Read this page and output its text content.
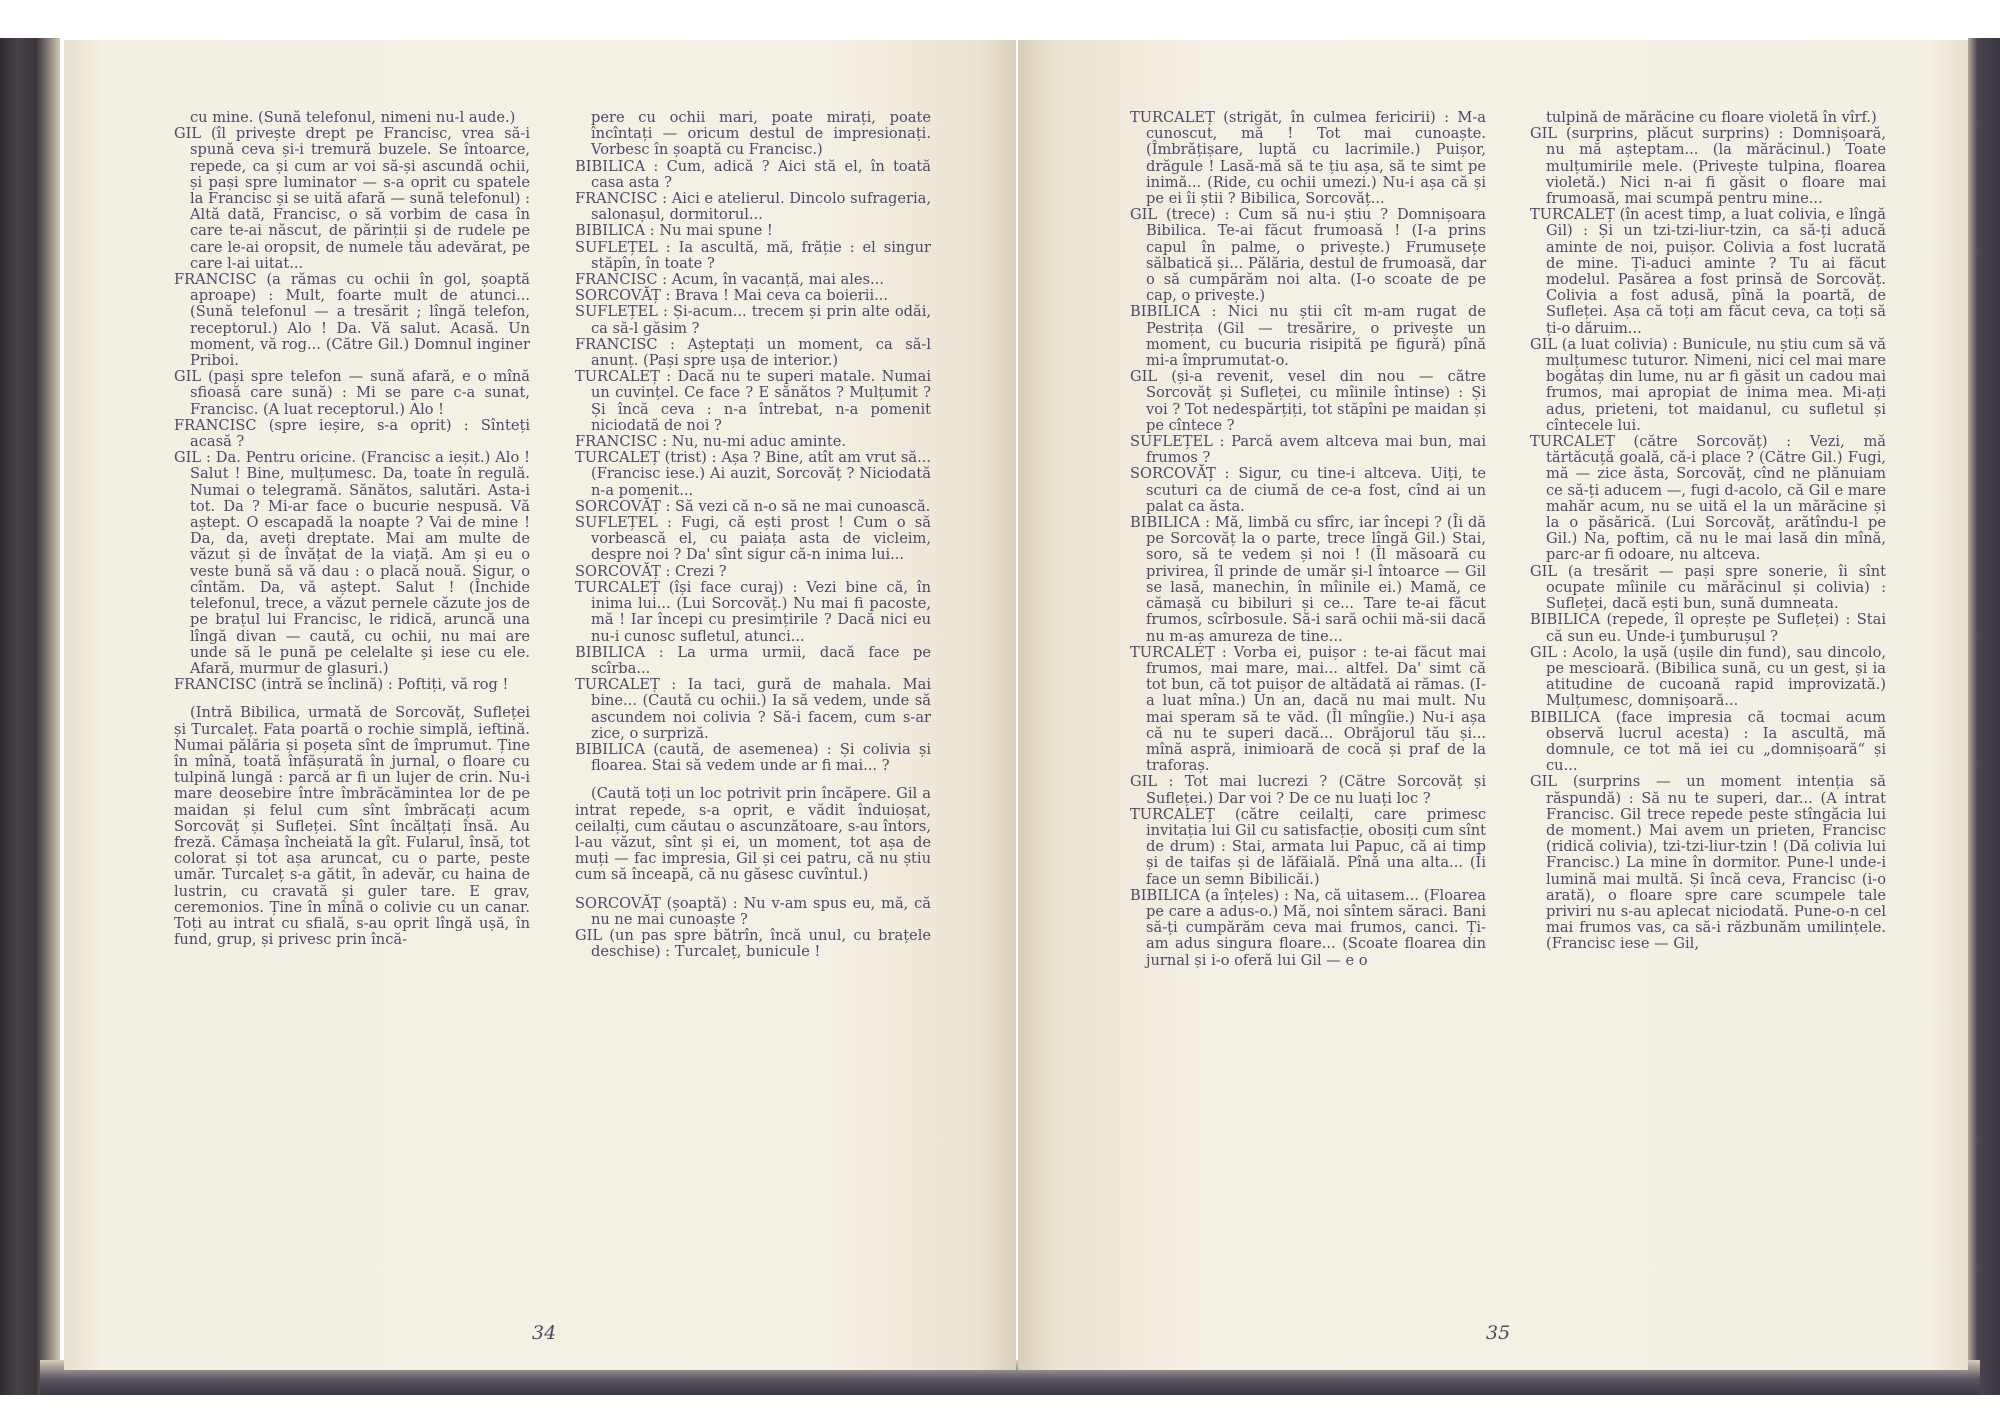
cu mine. (Sună telefonul, nimeni nu-l aude.)

GIL (îl privește drept pe Francisc, vrea să-i spună ceva și-i tremură buzele. Se întoarce, repede, ca și cum ar voi să-și ascundă ochii, și pași spre luminator — s-a oprit cu spatele la Francisc și se uită afară — sună telefonul) : Altă dată, Francisc, o să vorbim de casa în care te-ai născut, de părinții și de rudele pe care le-ai oropsit, de numele tău adevărat, pe care l-ai uitat...

FRANCISC (a rămas cu ochii în gol, șoaptă aproape) : Mult, foarte mult de atunci... (Sună telefonul — a tresărit ; lîngă telefon, receptorul.) Alo ! Da. Vă salut. Acasă. Un moment, vă rog... (Către Gil.) Domnul inginer Priboi.

GIL (pași spre telefon — sună afară, e o mînă sfioasă care sună) : Mi se pare c-a sunat, Francisc. (A luat receptorul.) Alo !

FRANCISC (spre ieșire, s-a oprit) : Sînteți acasă ?

GIL : Da. Pentru oricine. (Francisc a ieșit.) Alo ! Salut ! Bine, mulțumesc. Da, toate în regulă. Numai o telegramă. Sănătos, salutări. Asta-i tot. Da ? Mi-ar face o bucurie nespusă. Vă aștept. O escapadă la noapte ? Vai de mine ! Da, da, aveți dreptate. Mai am multe de văzut și de învățat de la viață. Am și eu o veste bună să vă dau : o placă nouă. Sigur, o cîntăm. Da, vă aștept. Salut ! (Închide telefonul, trece, a văzut pernele căzute jos de pe brațul lui Francisc, le ridică, aruncă una lîngă divan — caută, cu ochii, nu mai are unde să le pună pe celelalte și iese cu ele. Afară, murmur de glasuri.)

FRANCISC (intră se înclină) : Poftiți, vă rog !

(Intră Bibilica, urmată de Sorcovăț, Sufleței și Turcaleț. Fata poartă o rochie simplă, ieftină. Numai pălăria și poșeta sînt de împrumut. Ține în mînă, toată înfășurată în jurnal, o floare cu tulpină lungă : parcă ar fi un lujer de crin. Nu-i mare deosebire între îmbrăcămintea lor de pe maidan și felul cum sînt îmbrăcați acum Sorcovăț și Sufleței. Sînt încălțați însă. Au freză. Cămașa încheiată la gît. Fularul, însă, tot colorat și tot așa aruncat, cu o parte, peste umăr. Turcaleț s-a gătit, în adevăr, cu haina de lustrin, cu cravată și guler tare. E grav, ceremonios. Ține în mînă o colivie cu un canar. Toți au intrat cu sfială, s-au oprit lîngă ușă, în fund, grup, și privesc prin încă-

pere cu ochii mari, poate mirați, poate încîntați — oricum destul de impresionați. Vorbesc în șoaptă cu Francisc.)

BIBILICA : Cum, adică ? Aici stă el, în toată casa asta ?

FRANCISC : Aici e atelierul. Dincolo sufrageria, salonașul, dormitorul...

BIBILICA : Nu mai spune !

SUFLEȚEL : Ia ascultă, mă, frăție : el singur stăpîn, în toate ?

FRANCISC : Acum, în vacanță, mai ales...

SORCOVĂȚ : Brava ! Mai ceva ca boierii...

SUFLEȚEL : Și-acum... trecem și prin alte odăi, ca să-l găsim ?

FRANCISC : Așteptați un moment, ca să-l anunț. (Pași spre ușa de interior.)

TURCALEȚ : Dacă nu te superi matale. Numai un cuvințel. Ce face ? E sănătos ? Mulțumit ? Și încă ceva : n-a întrebat, n-a pomenit niciodată de noi ?

FRANCISC : Nu, nu-mi aduc aminte.

TURCALEȚ (trist) : Așa ? Bine, atît am vrut să... (Francisc iese.) Ai auzit, Sorcovăț ? Niciodată n-a pomenit...

SORCOVĂȚ : Să vezi că n-o să ne mai cunoască.

SUFLEȚEL : Fugi, că ești prost ! Cum o să vorbească el, cu paiața asta de vicleim, despre noi ? Da' sînt sigur că-n inima lui...

SORCOVĂȚ : Crezi ?

TURCALEȚ (își face curaj) : Vezi bine că, în inima lui... (Lui Sorcovăț.) Nu mai fi pacoste, mă ! Iar începi cu presimțirile ? Dacă nici eu nu-i cunosc sufletul, atunci...

BIBILICA : La urma urmii, dacă face pe scîrba...

TURCALEȚ : Ia taci, gură de mahala. Mai bine... (Caută cu ochii.) Ia să vedem, unde să ascundem noi colivia ? Să-i facem, cum s-ar zice, o surpriză.

BIBILICA (caută, de asemenea) : Și colivia și floarea. Stai să vedem unde ar fi mai... ?

(Caută toți un loc potrivit prin încăpere. Gil a intrat repede, s-a oprit, e vădit înduioșat, ceilalți, cum căutau o ascunzătoare, s-au întors, l-au văzut, sînt și ei, un moment, tot așa de muți — fac impresia, Gil și cei patru, că nu știu cum să înceapă, că nu găsesc cuvîntul.)

SORCOVĂȚ (șoaptă) : Nu v-am spus eu, mă, că nu ne mai cunoaște ?

GIL (un pas spre bătrîn, încă unul, cu brațele deschise) : Turcaleț, bunicule !

34

TURCALEȚ (strigăt, în culmea fericirii) : M-a cunoscut, mă ! Tot mai cunoaște. (Îmbrățișare, luptă cu lacrimile.) Puișor, drăgule ! Lasă-mă să te țiu așa, să te simt pe inimă... (Ride, cu ochii umezi.) Nu-i așa că și pe ei îi știi ? Bibilica, Sorcovăț...

GIL (trece) : Cum să nu-i știu ? Domnișoara Bibilica. Te-ai făcut frumoasă ! (I-a prins capul în palme, o privește.) Frumusețe sălbatică și... Pălăria, destul de frumoasă, dar o să cumpărăm noi alta. (I-o scoate de pe cap, o privește.)

BIBILICA : Nici nu știi cît m-am rugat de Pestrița (Gil — tresărire, o privește un moment, cu bucuria risipită pe figură) pînă mi-a împrumutat-o.

GIL (și-a revenit, vesel din nou — către Sorcovăț și Sufleței, cu mîinile întinse) : Și voi ? Tot nedespărțiți, tot stăpîni pe maidan și pe cîntece ?

SUFLEȚEL : Parcă avem altceva mai bun, mai frumos ?

SORCOVĂȚ : Sigur, cu tine-i altceva. Uiți, te scuturi ca de ciumă de ce-a fost, cînd ai un palat ca ăsta.

BIBILICA : Mă, limbă cu sfîrc, iar începi ? (Îi dă pe Sorcovăț la o parte, trece lîngă Gil.) Stai, soro, să te vedem și noi ! (Îl măsoară cu privirea, îl prinde de umăr și-l întoarce — Gil se lasă, manechin, în mîinile ei.) Mamă, ce cămașă cu bibiluri și ce... Tare te-ai făcut frumos, scîrbosule. Să-i sară ochii mă-sii dacă nu m-aș amureza de tine...

TURCALEȚ : Vorba ei, puișor : te-ai făcut mai frumos, mai mare, mai... altfel. Da' simt că tot bun, că tot puișor de altădată ai rămas. (I-a luat mîna.) Un an, dacă nu mai mult. Nu mai speram să te văd. (Îl mîngîie.) Nu-i așa că nu te superi dacă... Obrăjorul tău și... mînă aspră, inimioară de cocă și praf de la traforaș.

GIL : Tot mai lucrezi ? (Către Sorcovăț și Sufleței.) Dar voi ? De ce nu luați loc ?

TURCALEȚ (către ceilalți, care primesc invitația lui Gil cu satisfacție, obosiți cum sînt de drum) : Stai, armata lui Papuc, că ai timp și de taifas și de lăfăială. Pînă una alta... (Îi face un semn Bibilicăi.)

BIBILICA (a înțeles) : Na, că uitasem... (Floarea pe care a adus-o.) Mă, noi sîntem săraci. Bani să-ți cumpărăm ceva mai frumos, canci. Ți-am adus singura floare... (Scoate floarea din jurnal și i-o oferă lui Gil — e o

tulpină de mărăcine cu floare violetă în vîrf.)

GIL (surprins, plăcut surprins) : Domnișoară, nu mă așteptam... (la mărăcinul.) Toate mulțumirile mele. (Privește tulpina, floarea violetă.) Nici n-ai fi găsit o floare mai frumoasă, mai scumpă pentru mine...

TURCALEȚ (în acest timp, a luat colivia, e lîngă Gil) : Și un tzi-tzi-liur-tzin, ca să-ți aducă aminte de noi, puișor. Colivia a fost lucrată de mine. Ți-aduci aminte ? Tu ai făcut modelul. Pasărea a fost prinsă de Sorcovăț. Colivia a fost adusă, pînă la poartă, de Sufleței. Așa că toți am făcut ceva, ca toți să ți-o dăruim...

GIL (a luat colivia) : Bunicule, nu știu cum să vă mulțumesc tuturor. Nimeni, nici cel mai mare bogătaș din lume, nu ar fi găsit un cadou mai frumos, mai apropiat de inima mea. Mi-ați adus, prieteni, tot maidanul, cu sufletul și cîntecele lui.

TURCALEȚ (către Sorcovăț) : Vezi, mă tărtăcuță goală, că-i place ? (Către Gil.) Fugi, mă — zice ăsta, Sorcovăț, cînd ne plănuiam ce să-ți aducem —, fugi d-acolo, că Gil e mare mahăr acum, nu se uită el la un mărăcine și la o păsărică. (Lui Sorcovăț, arătîndu-l pe Gil.) Na, poftim, că nu le mai lasă din mînă, parc-ar fi odoare, nu altceva.

GIL (a tresărit — pași spre sonerie, îi sînt ocupate mîinile cu mărăcinul și colivia) : Sufleței, dacă ești bun, sună dumneata.

BIBILICA (repede, îl oprește pe Sufleței) : Stai că sun eu. Unde-i ţumburușul ?

GIL : Acolo, la ușă (ușile din fund), sau dincolo, pe mescioară. (Bibilica sună, cu un gest, și ia atitudine de cucoană rapid improvizată.) Mulțumesc, domnișoară...

BIBILICA (face impresia că tocmai acum observă lucrul acesta) : Ia ascultă, mă domnule, ce tot mă iei cu „domnișoară“ și cu...

GIL (surprins — un moment intenția să răspundă) : Să nu te superi, dar... (A intrat Francisc. Gil trece repede peste stîngăcia lui de moment.) Mai avem un prieten, Francisc (ridică colivia), tzi-tzi-liur-tzin ! (Dă colivia lui Francisc.) La mine în dormitor. Pune-l unde-i lumină mai multă. Și încă ceva, Francisc (i-o arată), o floare spre care scumpele tale priviri nu s-au aplecat niciodată. Pune-o-n cel mai frumos vas, ca să-i răzbunăm umilințele. (Francisc iese — Gil,

35
